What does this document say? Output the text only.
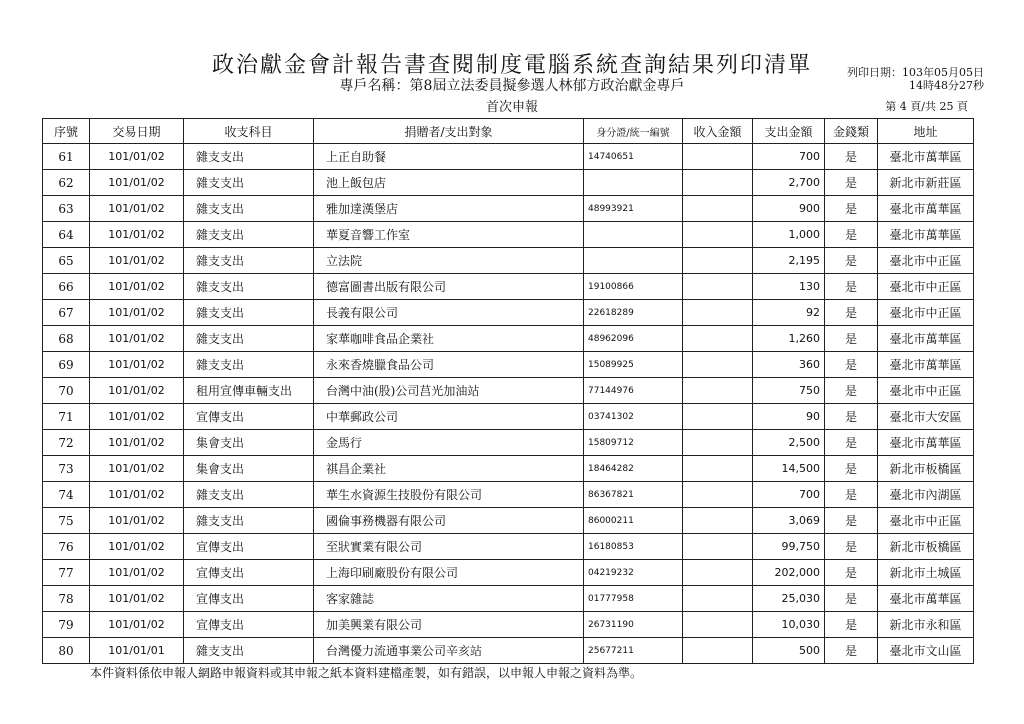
政治獻金會計報告書查閱制度電腦系統查詢結果列印清單
專戶名稱：第8屆立法委員擬參選人林郁方政治獻金專戶
首次申報
列印日期：103年05月05日
14時48分27秒
第 4 頁/共 25 頁
序號	交易日期	收支科目	捐贈者/支出對象	身分證/統一編號	收入金額	支出金額	金錢類	地址
61	101/01/02	雜支支出	上正自助餐	14740651		700	是	臺北市萬華區
62	101/01/02	雜支支出	池上飯包店			2,700	是	新北市新莊區
63	101/01/02	雜支支出	雅加達漢堡店	48993921		900	是	臺北市萬華區
64	101/01/02	雜支支出	華夏音響工作室			1,000	是	臺北市萬華區
65	101/01/02	雜支支出	立法院			2,195	是	臺北市中正區
66	101/01/02	雜支支出	德富圖書出版有限公司	19100866		130	是	臺北市中正區
67	101/01/02	雜支支出	長義有限公司	22618289		92	是	臺北市中正區
68	101/01/02	雜支支出	家華咖啡食品企業社	48962096		1,260	是	臺北市萬華區
69	101/01/02	雜支支出	永來香燒臘食品公司	15089925		360	是	臺北市萬華區
70	101/01/02	租用宣傳車輛支出	台灣中油(股)公司莒光加油站	77144976		750	是	臺北市中正區
71	101/01/02	宣傳支出	中華郵政公司	03741302		90	是	臺北市大安區
72	101/01/02	集會支出	金馬行	15809712		2,500	是	臺北市萬華區
73	101/01/02	集會支出	祺昌企業社	18464282		14,500	是	新北市板橋區
74	101/01/02	雜支支出	華生水資源生技股份有限公司	86367821		700	是	臺北市內湖區
75	101/01/02	雜支支出	國倫事務機器有限公司	86000211		3,069	是	臺北市中正區
76	101/01/02	宣傳支出	至狀實業有限公司	16180853		99,750	是	新北市板橋區
77	101/01/02	宣傳支出	上海印刷廠股份有限公司	04219232		202,000	是	新北市土城區
78	101/01/02	宣傳支出	客家雜誌	01777958		25,030	是	臺北市萬華區
79	101/01/02	宣傳支出	加美興業有限公司	26731190		10,030	是	新北市永和區
80	101/01/01	雜支支出	台灣優力流通事業公司辛亥站	25677211		500	是	臺北市文山區
本件資料係依申報人網路申報資料或其申報之紙本資料建檔產製，如有錯誤，以申報人申報之資料為準。
